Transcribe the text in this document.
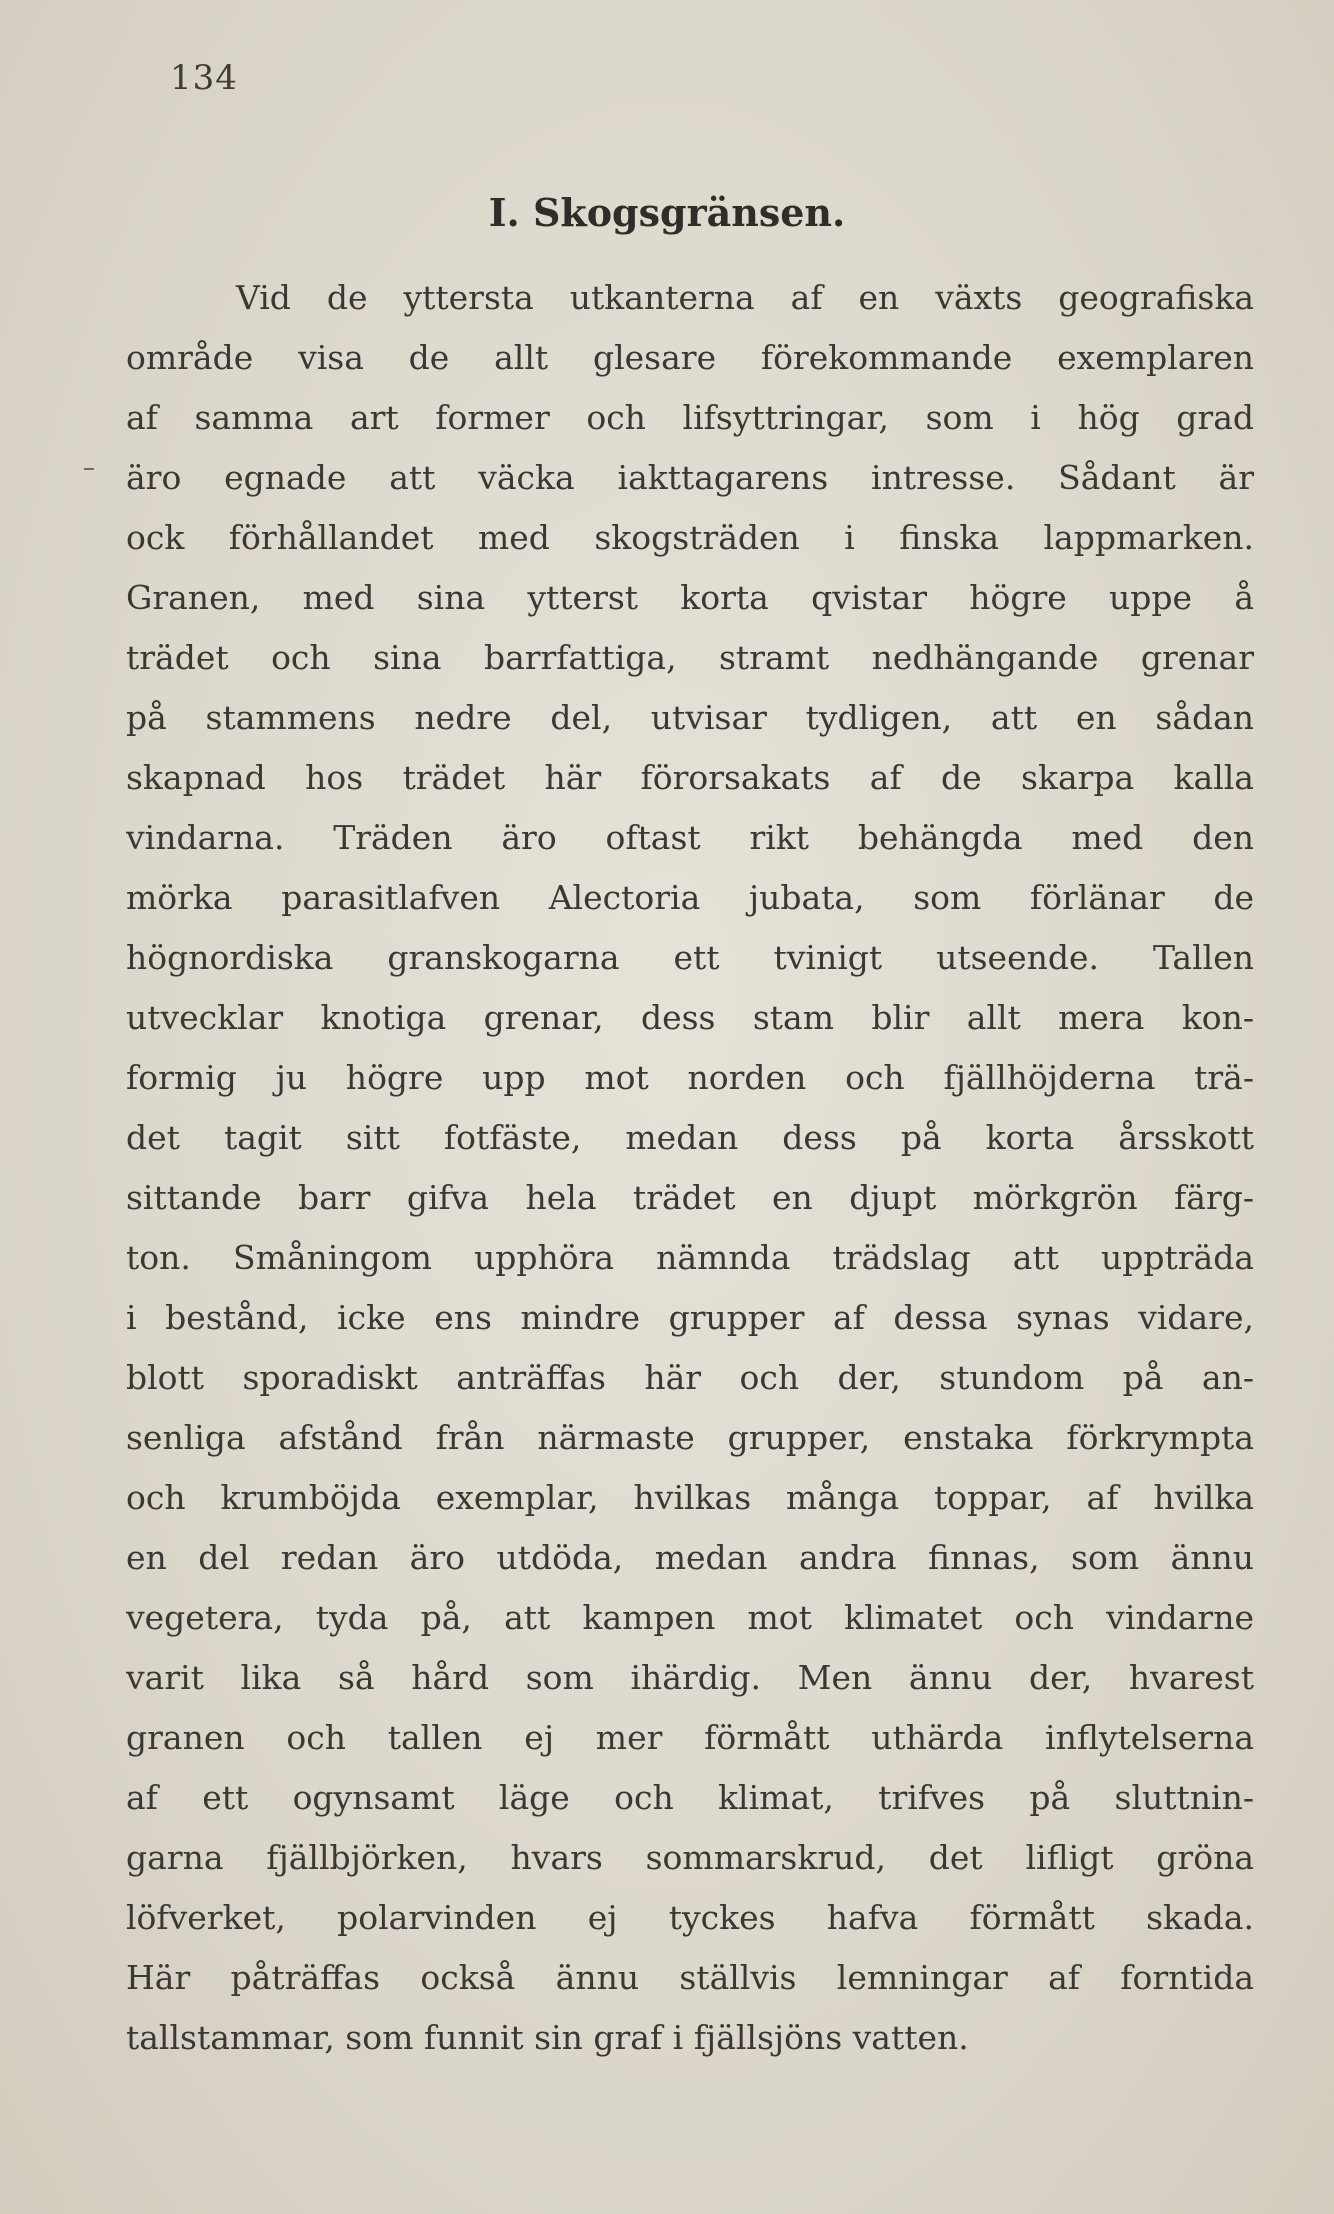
134
I. Skogsgränsen.
Vid de yttersta utkanterna af en växts geografiska
område visa de allt glesare förekommande exemplaren
af samma art former och lifsyttringar, som i hög grad
äro egnade att väcka iakttagarens intresse. Sådant är
ock förhållandet med skogsträden i finska lappmarken.
Granen, med sina ytterst korta qvistar högre uppe å
trädet och sina barrfattiga, stramt nedhängande grenar
på stammens nedre del, utvisar tydligen, att en sådan
skapnad hos trädet här förorsakats af de skarpa kalla
vindarna. Träden äro oftast rikt behängda med den
mörka parasitlafven Alectoria jubata, som förlänar de
högnordiska granskogarna ett tvinigt utseende. Tallen
utvecklar knotiga grenar, dess stam blir allt mera kon-
formig ju högre upp mot norden och fjällhöjderna trä-
det tagit sitt fotfäste, medan dess på korta årsskott
sittande barr gifva hela trädet en djupt mörkgrön färg-
ton. Småningom upphöra nämnda trädslag att uppträda
i bestånd, icke ens mindre grupper af dessa synas vidare,
blott sporadiskt anträffas här och der, stundom på an-
senliga afstånd från närmaste grupper, enstaka förkrympta
och krumböjda exemplar, hvilkas många toppar, af hvilka
en del redan äro utdöda, medan andra finnas, som ännu
vegetera, tyda på, att kampen mot klimatet och vindarne
varit lika så hård som ihärdig. Men ännu der, hvarest
granen och tallen ej mer förmått uthärda inflytelserna
af ett ogynsamt läge och klimat, trifves på sluttnin-
garna fjällbjörken, hvars sommarskrud, det lifligt gröna
löfverket, polarvinden ej tyckes hafva förmått skada.
Här påträffas också ännu ställvis lemningar af forntida
tallstammar, som funnit sin graf i fjällsjöns vatten.
